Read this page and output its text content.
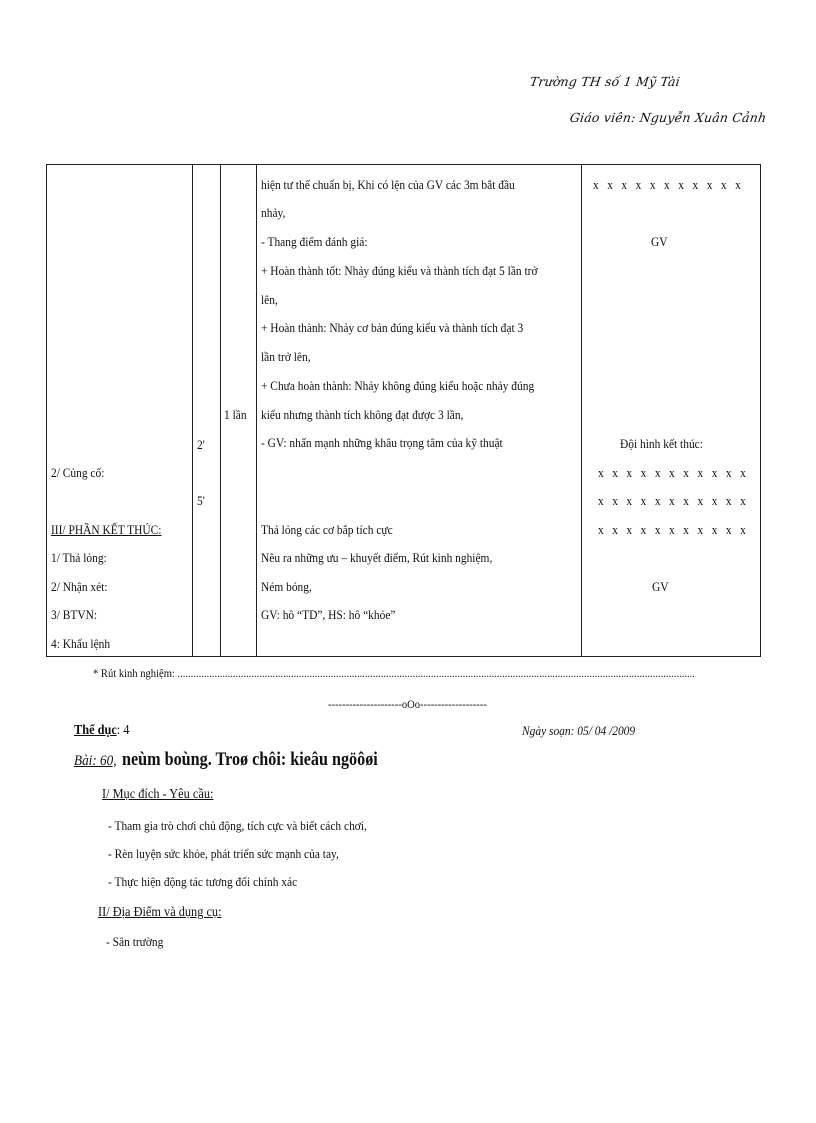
Trường TH số 1 Mỹ Tài
Giáo viên: Nguyễn Xuân Cảnh
2/ Củng cố:
III/ PHẦN KẾT THÚC:
1/ Thả lỏng:
2/ Nhận xét:
3/ BTVN:
4: Khẩu lệnh
2'
5'
1 lần
hiện tư thế chuẩn bị, Khi có lện của GV các 3m bắt đầu
nhảy,
- Thang điểm đánh giá:
+ Hoàn thành tốt: Nhảy đúng kiểu và thành tích đạt 5 lần trở
lên,
+ Hoàn thành: Nhảy cơ bản đúng kiểu và thành tích đạt 3
lần trở lên,
+ Chưa hoàn thành: Nhảy không đúng kiểu hoặc nhảy đúng
kiểu nhưng thành tích không đạt được 3 lần,
- GV: nhấn mạnh những khâu trọng tâm của kỹ thuật
Thả lỏng các cơ bắp tích cực
Nêu ra những ưu – khuyết điểm, Rút kinh nghiệm,
Ném bóng,
GV: hô “TD”, HS: hô “khỏe”
x x x x x x x x x x x
GV
Đội hình kết thúc:
x x x x x x x x x x x
x x x x x x x x x x x
x x x x x x x x x x x
GV
* Rút kinh nghiệm: ....................................................................................................................................................................................................
---------------------oOo-------------------
Thể dục: 4	Ngày soạn: 05/ 04 /2009
Bài: 60, neùm boùng. Troø chôi: kieâu ngöôøi
I/ Mục đích - Yêu cầu:
- Tham gia trò chơi chủ động, tích cực và biết cách chơi,
- Rèn luyện sức khỏe, phát triển sức mạnh của tay,
- Thực hiện động tác tương đối chính xác
II/ Địa Điểm và dụng cụ:
- Sân trường
